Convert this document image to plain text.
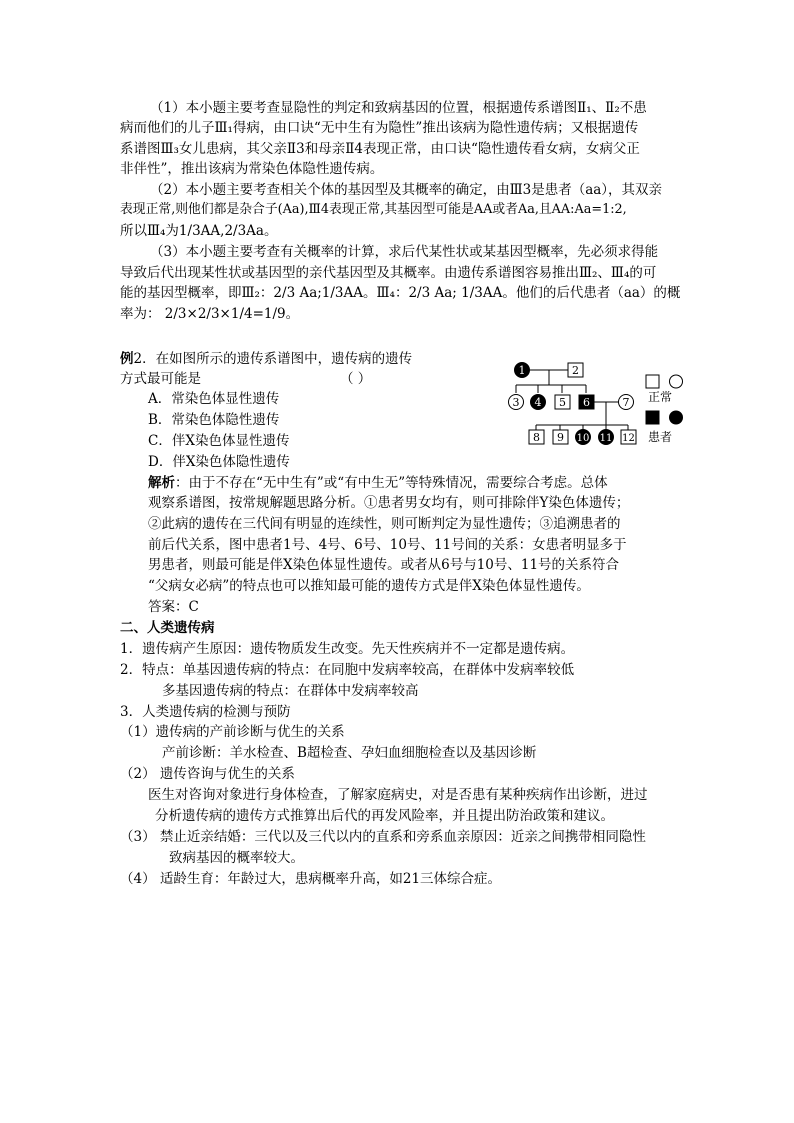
（1）本小题主要考查显隐性的判定和致病基因的位置，根据遗传系谱图Ⅱ₁、Ⅱ₂不患
病而他们的儿子Ⅲ₁得病，由口诀“无中生有为隐性”推出该病为隐性遗传病；又根据遗传
系谱图Ⅲ₃女儿患病，其父亲Ⅱ3和母亲Ⅱ4表现正常，由口诀“隐性遗传看女病，女病父正
非伴性”，推出该病为常染色体隐性遗传病。
（2）本小题主要考查相关个体的基因型及其概率的确定，由Ⅲ3是患者（aa），其双亲
表现正常,则他们都是杂合子(Aa),Ⅲ4表现正常,其基因型可能是AA或者Aa,且AA:Aa=1:2,
所以Ⅲ₄为1/3AA,2/3Aa。
（3）本小题主要考查有关概率的计算，求后代某性状或某基因型概率，先必须求得能
导致后代出现某性状或基因型的亲代基因型及其概率。由遗传系谱图容易推出Ⅲ₂、Ⅲ₄的可
能的基因型概率，即Ⅲ₂：2/3 Aa;1/3AA。Ⅲ₄：2/3 Aa; 1/3AA。他们的后代患者（aa）的概
率为： 2/3×2/3×1/4=1/9。
例2．在如图所示的遗传系谱图中，遗传病的遗传
方式最可能是	（ ）
A．常染色体显性遗传
B．常染色体隐性遗传
C．伴X染色体显性遗传
D．伴X染色体隐性遗传
解析：由于不存在“无中生有”或“有中生无”等特殊情况，需要综合考虑。总体
观察系谱图，按常规解题思路分析。①患者男女均有，则可排除伴Y染色体遗传；
②此病的遗传在三代间有明显的连续性，则可断判定为显性遗传；③追溯患者的
前后代关系，图中患者1号、4号、6号、10号、11号间的关系：女患者明显多于
男患者，则最可能是伴X染色体显性遗传。或者从6号与10号、11号的关系符合
“父病女必病”的特点也可以推知最可能的遗传方式是伴X染色体显性遗传。
答案：C
1	2
3 4 5 6	7
8 9 10 11 12
正常
患者
二、人类遗传病
1．遗传病产生原因：遗传物质发生改变。先天性疾病并不一定都是遗传病。
2．特点：单基因遗传病的特点：在同胞中发病率较高，在群体中发病率较低
多基因遗传病的特点：在群体中发病率较高
3．人类遗传病的检测与预防
（1）遗传病的产前诊断与优生的关系
产前诊断：羊水检查、B超检查、孕妇血细胞检查以及基因诊断
（2） 遗传咨询与优生的关系
医生对咨询对象进行身体检查，了解家庭病史，对是否患有某种疾病作出诊断，进过
分析遗传病的遗传方式推算出后代的再发风险率，并且提出防治政策和建议。
（3） 禁止近亲结婚：三代以及三代以内的直系和旁系血亲原因：近亲之间携带相同隐性
致病基因的概率较大。
（4） 适龄生育：年龄过大，患病概率升高，如21三体综合症。
